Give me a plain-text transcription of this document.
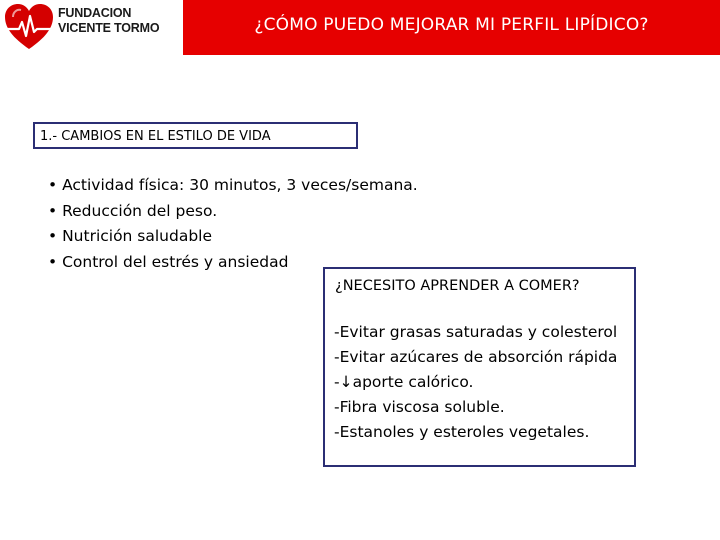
FUNDACION
VICENTE TORMO	¿CÓMO PUEDO MEJORAR MI PERFIL LIPÍDICO?
1.- CAMBIOS EN EL ESTILO DE VIDA
• Actividad física: 30 minutos, 3 veces/semana.
• Reducción del peso.
• Nutrición saludable
• Control del estrés y ansiedad
¿NECESITO APRENDER A COMER?
-Evitar grasas saturadas y colesterol
-Evitar azúcares de absorción rápida
-↓aporte calórico.
-Fibra viscosa soluble.
-Estanoles y esteroles vegetales.
